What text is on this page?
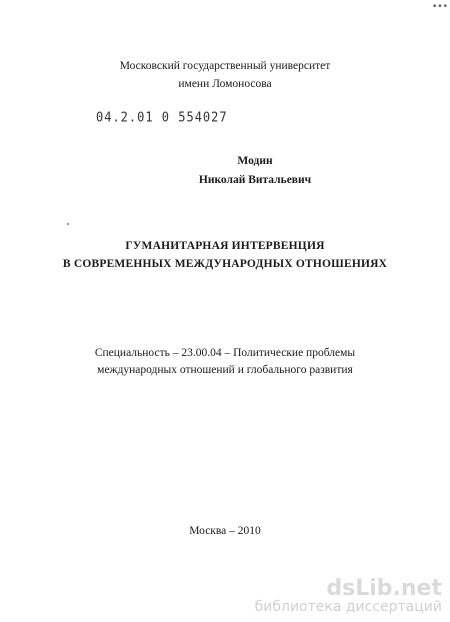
•••
Московский государственный университет
имени Ломоносова
04.2.01 0 554027
Модин
Николай Витальевич
ГУМАНИТАРНАЯ ИНТЕРВЕНЦИЯ
В СОВРЕМЕННЫХ МЕЖДУНАРОДНЫХ ОТНОШЕНИЯХ
Специальность – 23.00.04 – Политические проблемы
международных отношений и глобального развития
Москва – 2010
dsLib.net
библиотека диссертаций
